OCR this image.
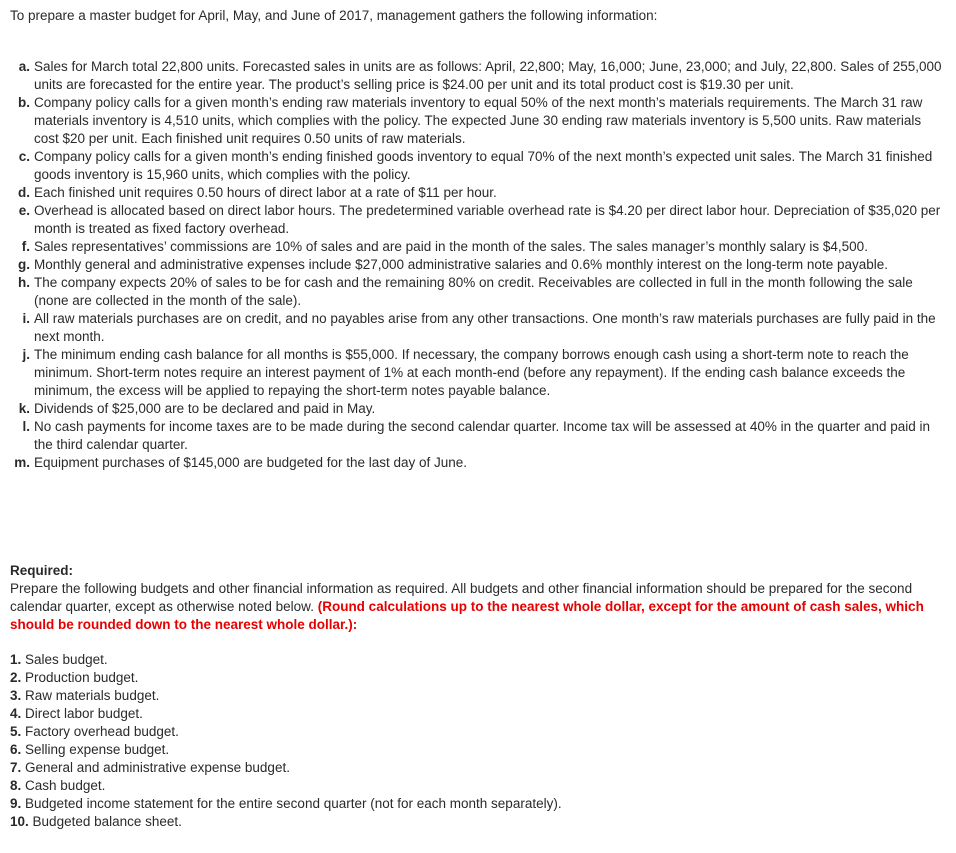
To prepare a master budget for April, May, and June of 2017, management gathers the following information:
a. Sales for March total 22,800 units. Forecasted sales in units are as follows: April, 22,800; May, 16,000; June, 23,000; and July, 22,800. Sales of 255,000 units are forecasted for the entire year. The product’s selling price is $24.00 per unit and its total product cost is $19.30 per unit.
b. Company policy calls for a given month’s ending raw materials inventory to equal 50% of the next month’s materials requirements. The March 31 raw materials inventory is 4,510 units, which complies with the policy. The expected June 30 ending raw materials inventory is 5,500 units. Raw materials cost $20 per unit. Each finished unit requires 0.50 units of raw materials.
c. Company policy calls for a given month’s ending finished goods inventory to equal 70% of the next month’s expected unit sales. The March 31 finished goods inventory is 15,960 units, which complies with the policy.
d. Each finished unit requires 0.50 hours of direct labor at a rate of $11 per hour.
e. Overhead is allocated based on direct labor hours. The predetermined variable overhead rate is $4.20 per direct labor hour. Depreciation of $35,020 per month is treated as fixed factory overhead.
f. Sales representatives’ commissions are 10% of sales and are paid in the month of the sales. The sales manager’s monthly salary is $4,500.
g. Monthly general and administrative expenses include $27,000 administrative salaries and 0.6% monthly interest on the long-term note payable.
h. The company expects 20% of sales to be for cash and the remaining 80% on credit. Receivables are collected in full in the month following the sale (none are collected in the month of the sale).
i. All raw materials purchases are on credit, and no payables arise from any other transactions. One month’s raw materials purchases are fully paid in the next month.
j. The minimum ending cash balance for all months is $55,000. If necessary, the company borrows enough cash using a short-term note to reach the minimum. Short-term notes require an interest payment of 1% at each month-end (before any repayment). If the ending cash balance exceeds the minimum, the excess will be applied to repaying the short-term notes payable balance.
k. Dividends of $25,000 are to be declared and paid in May.
l. No cash payments for income taxes are to be made during the second calendar quarter. Income tax will be assessed at 40% in the quarter and paid in the third calendar quarter.
m. Equipment purchases of $145,000 are budgeted for the last day of June.
Required:
Prepare the following budgets and other financial information as required. All budgets and other financial information should be prepared for the second calendar quarter, except as otherwise noted below. (Round calculations up to the nearest whole dollar, except for the amount of cash sales, which should be rounded down to the nearest whole dollar.):
1. Sales budget.
2. Production budget.
3. Raw materials budget.
4. Direct labor budget.
5. Factory overhead budget.
6. Selling expense budget.
7. General and administrative expense budget.
8. Cash budget.
9. Budgeted income statement for the entire second quarter (not for each month separately).
10. Budgeted balance sheet.
